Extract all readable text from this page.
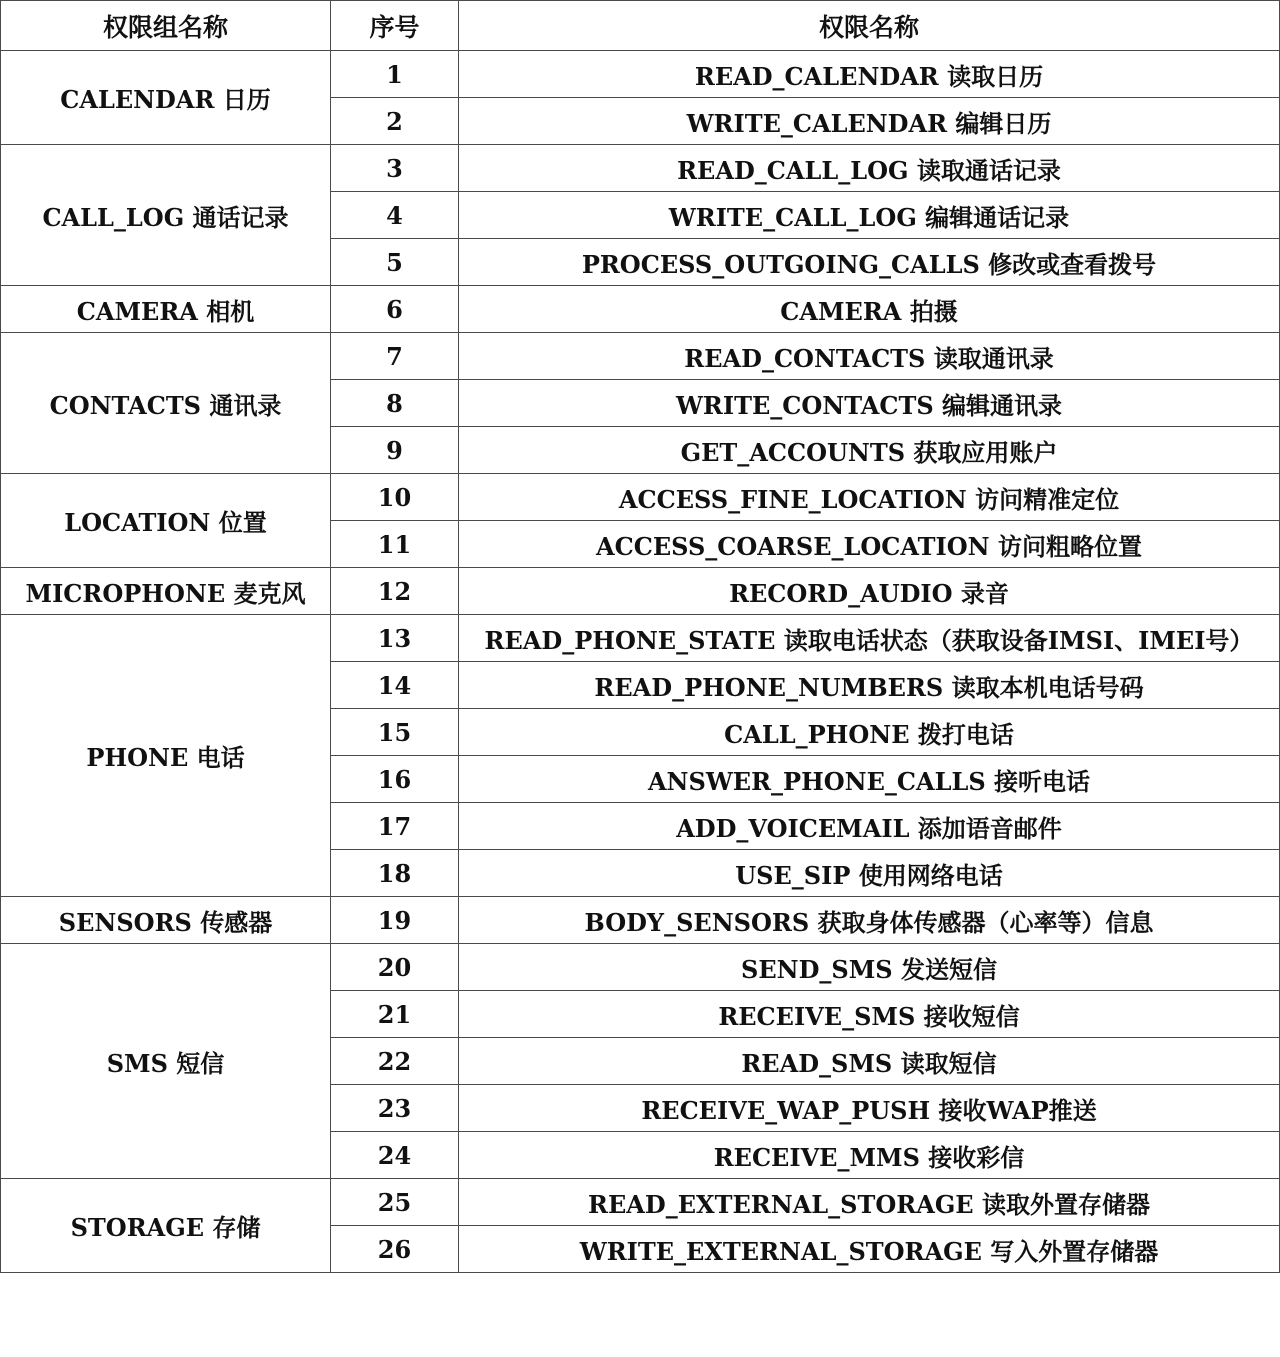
权限组名称	序号	权限名称
CALENDAR 日历	1	READ_CALENDAR 读取日历
	2	WRITE_CALENDAR 编辑日历
CALL_LOG 通话记录	3	READ_CALL_LOG 读取通话记录
	4	WRITE_CALL_LOG 编辑通话记录
	5	PROCESS_OUTGOING_CALLS 修改或查看拨号
CAMERA 相机	6	CAMERA 拍摄
CONTACTS 通讯录	7	READ_CONTACTS 读取通讯录
	8	WRITE_CONTACTS 编辑通讯录
	9	GET_ACCOUNTS 获取应用账户
LOCATION 位置	10	ACCESS_FINE_LOCATION 访问精准定位
	11	ACCESS_COARSE_LOCATION 访问粗略位置
MICROPHONE 麦克风	12	RECORD_AUDIO 录音
PHONE 电话	13	READ_PHONE_STATE 读取电话状态（获取设备IMSI、IMEI号）
	14	READ_PHONE_NUMBERS 读取本机电话号码
	15	CALL_PHONE 拨打电话
	16	ANSWER_PHONE_CALLS 接听电话
	17	ADD_VOICEMAIL 添加语音邮件
	18	USE_SIP 使用网络电话
SENSORS 传感器	19	BODY_SENSORS 获取身体传感器（心率等）信息
SMS 短信	20	SEND_SMS 发送短信
	21	RECEIVE_SMS 接收短信
	22	READ_SMS 读取短信
	23	RECEIVE_WAP_PUSH 接收WAP推送
	24	RECEIVE_MMS 接收彩信
STORAGE 存储	25	READ_EXTERNAL_STORAGE 读取外置存储器
	26	WRITE_EXTERNAL_STORAGE 写入外置存储器
